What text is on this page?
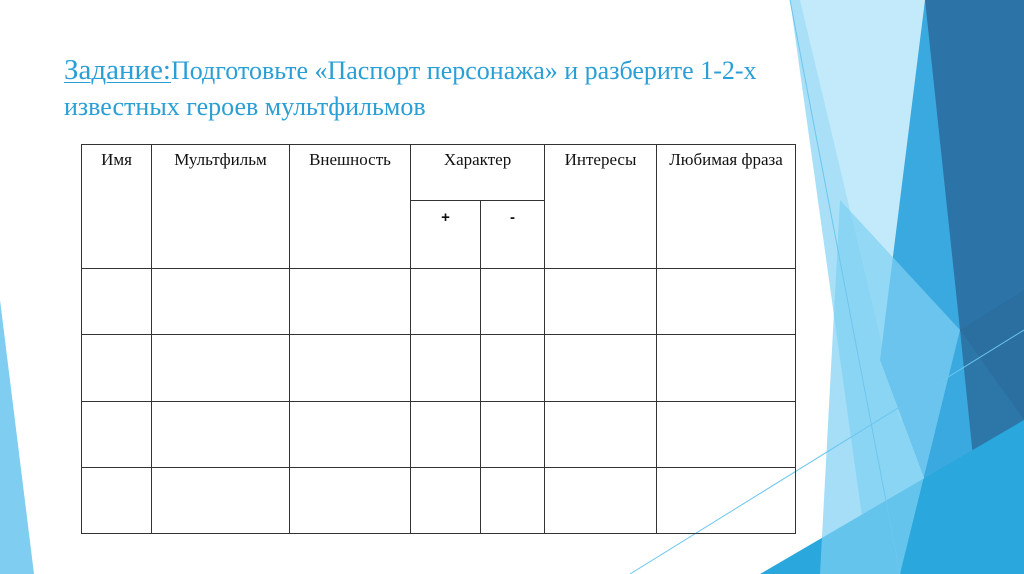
Задание:Подготовьте «Паспорт персонажа» и разберите 1-2-х известных героев мультфильмов
Имя	Мультфильм	Внешность	Характер		Интересы	Любимая фраза
			+	-		
